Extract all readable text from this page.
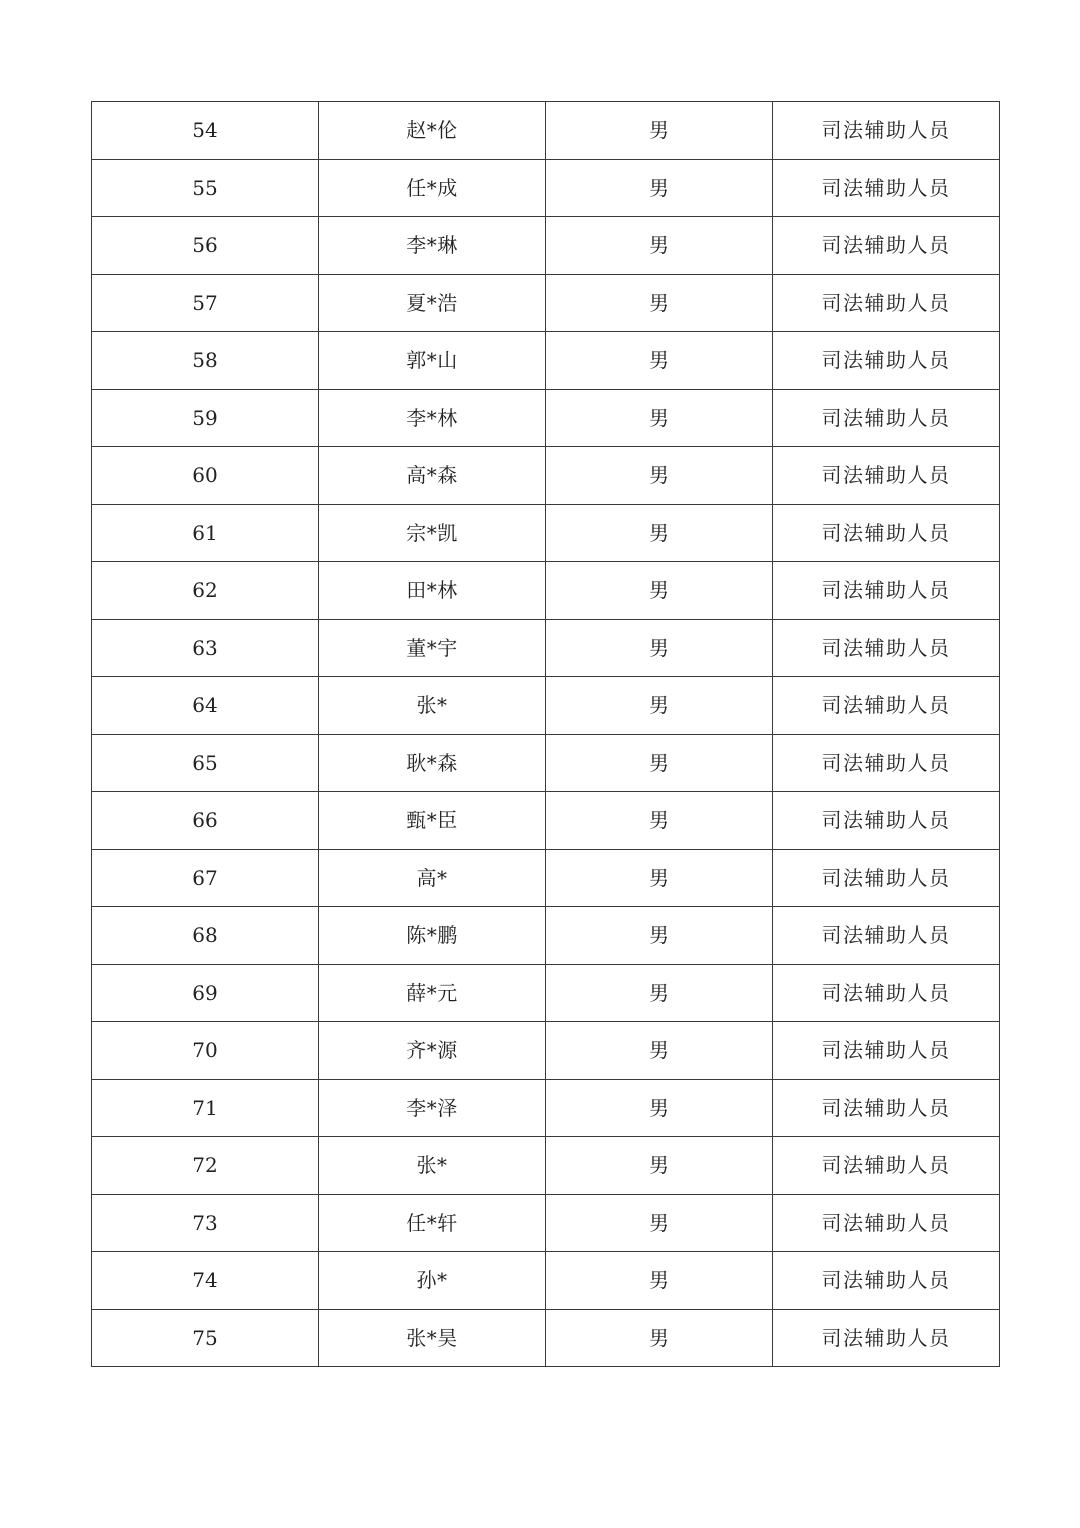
54	赵*伦	男	司法辅助人员
55	任*成	男	司法辅助人员
56	李*琳	男	司法辅助人员
57	夏*浩	男	司法辅助人员
58	郭*山	男	司法辅助人员
59	李*林	男	司法辅助人员
60	高*森	男	司法辅助人员
61	宗*凯	男	司法辅助人员
62	田*林	男	司法辅助人员
63	董*宇	男	司法辅助人员
64	张*	男	司法辅助人员
65	耿*森	男	司法辅助人员
66	甄*臣	男	司法辅助人员
67	高*	男	司法辅助人员
68	陈*鹏	男	司法辅助人员
69	薛*元	男	司法辅助人员
70	齐*源	男	司法辅助人员
71	李*泽	男	司法辅助人员
72	张*	男	司法辅助人员
73	任*轩	男	司法辅助人员
74	孙*	男	司法辅助人员
75	张*昊	男	司法辅助人员
